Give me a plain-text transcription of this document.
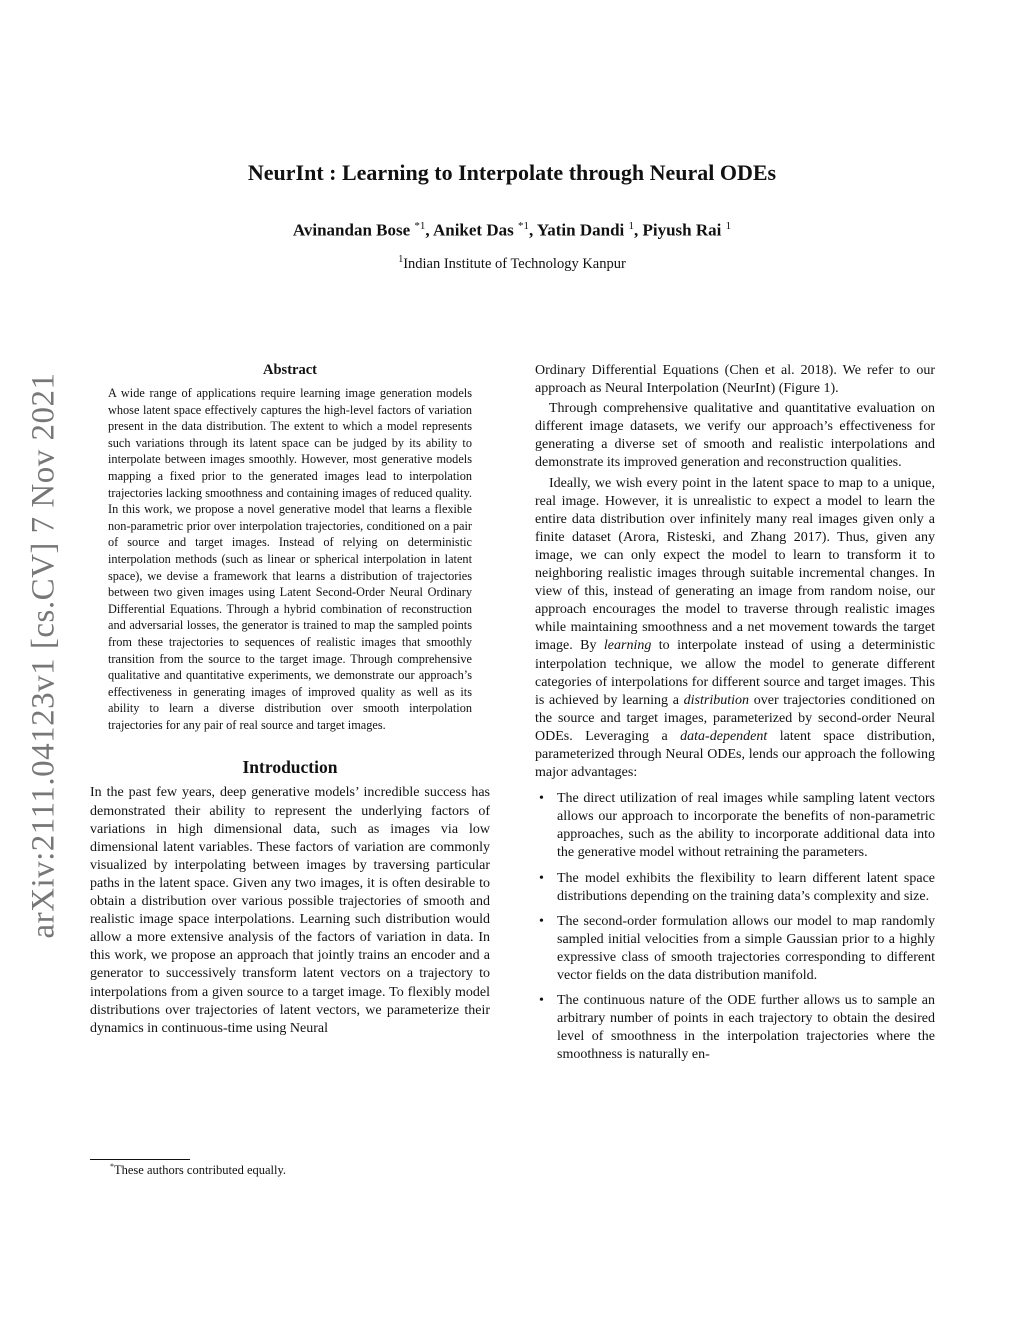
arXiv:2111.04123v1 [cs.CV] 7 Nov 2021
NeurInt : Learning to Interpolate through Neural ODEs
Avinandan Bose $^{*1}$, Aniket Das $^{*1}$, Yatin Dandi $^1$, Piyush Rai $^1$
$^1$Indian Institute of Technology Kanpur
Abstract

A wide range of applications require learning image generation models whose latent space effectively captures the high-level factors of variation present in the data distribution. The extent to which a model represents such variations through its latent space can be judged by its ability to interpolate between images smoothly. However, most generative models mapping a fixed prior to the generated images lead to interpolation trajectories lacking smoothness and containing images of reduced quality. In this work, we propose a novel generative model that learns a flexible non-parametric prior over interpolation trajectories, conditioned on a pair of source and target images. Instead of relying on deterministic interpolation methods (such as linear or spherical interpolation in latent space), we devise a framework that learns a distribution of trajectories between two given images using Latent Second-Order Neural Ordinary Differential Equations. Through a hybrid combination of reconstruction and adversarial losses, the generator is trained to map the sampled points from these trajectories to sequences of realistic images that smoothly transition from the source to the target image. Through comprehensive qualitative and quantitative experiments, we demonstrate our approach’s effectiveness in generating images of improved quality as well as its ability to learn a diverse distribution over smooth interpolation trajectories for any pair of real source and target images.

Introduction

In the past few years, deep generative models’ incredible success has demonstrated their ability to represent the underlying factors of variations in high dimensional data, such as images via low dimensional latent variables. These factors of variation are commonly visualized by interpolating between images by traversing particular paths in the latent space. Given any two images, it is often desirable to obtain a distribution over various possible trajectories of smooth and realistic image space interpolations. Learning such distribution would allow a more extensive analysis of the factors of variation in data. In this work, we propose an approach that jointly trains an encoder and a generator to successively transform latent vectors on a trajectory to interpolations from a given source to a target image. To flexibly model distributions over trajectories of latent vectors, we parameterize their dynamics in continuous-time using Neural

Ordinary Differential Equations (Chen et al. 2018). We refer to our approach as Neural Interpolation (NeurInt) (Figure 1).

Through comprehensive qualitative and quantitative evaluation on different image datasets, we verify our approach’s effectiveness for generating a diverse set of smooth and realistic interpolations and demonstrate its improved generation and reconstruction qualities.

Ideally, we wish every point in the latent space to map to a unique, real image. However, it is unrealistic to expect a model to learn the entire data distribution over infinitely many real images given only a finite dataset (Arora, Risteski, and Zhang 2017). Thus, given any image, we can only expect the model to learn to transform it to neighboring realistic images through suitable incremental changes. In view of this, instead of generating an image from random noise, our approach encourages the model to traverse through realistic images while maintaining smoothness and a net movement towards the target image. By learning to interpolate instead of using a deterministic interpolation technique, we allow the model to generate different categories of interpolations for different source and target images. This is achieved by learning a distribution over trajectories conditioned on the source and target images, parameterized by second-order Neural ODEs. Leveraging a data-dependent latent space distribution, parameterized through Neural ODEs, lends our approach the following major advantages:

• The direct utilization of real images while sampling latent vectors allows our approach to incorporate the benefits of non-parametric approaches, such as the ability to incorporate additional data into the generative model without retraining the parameters.
• The model exhibits the flexibility to learn different latent space distributions depending on the training data’s complexity and size.
• The second-order formulation allows our model to map randomly sampled initial velocities from a simple Gaussian prior to a highly expressive class of smooth trajectories corresponding to different vector fields on the data distribution manifold.
• The continuous nature of the ODE further allows us to sample an arbitrary number of points in each trajectory to obtain the desired level of smoothness in the interpolation trajectories where the smoothness is naturally en-
*These authors contributed equally.
